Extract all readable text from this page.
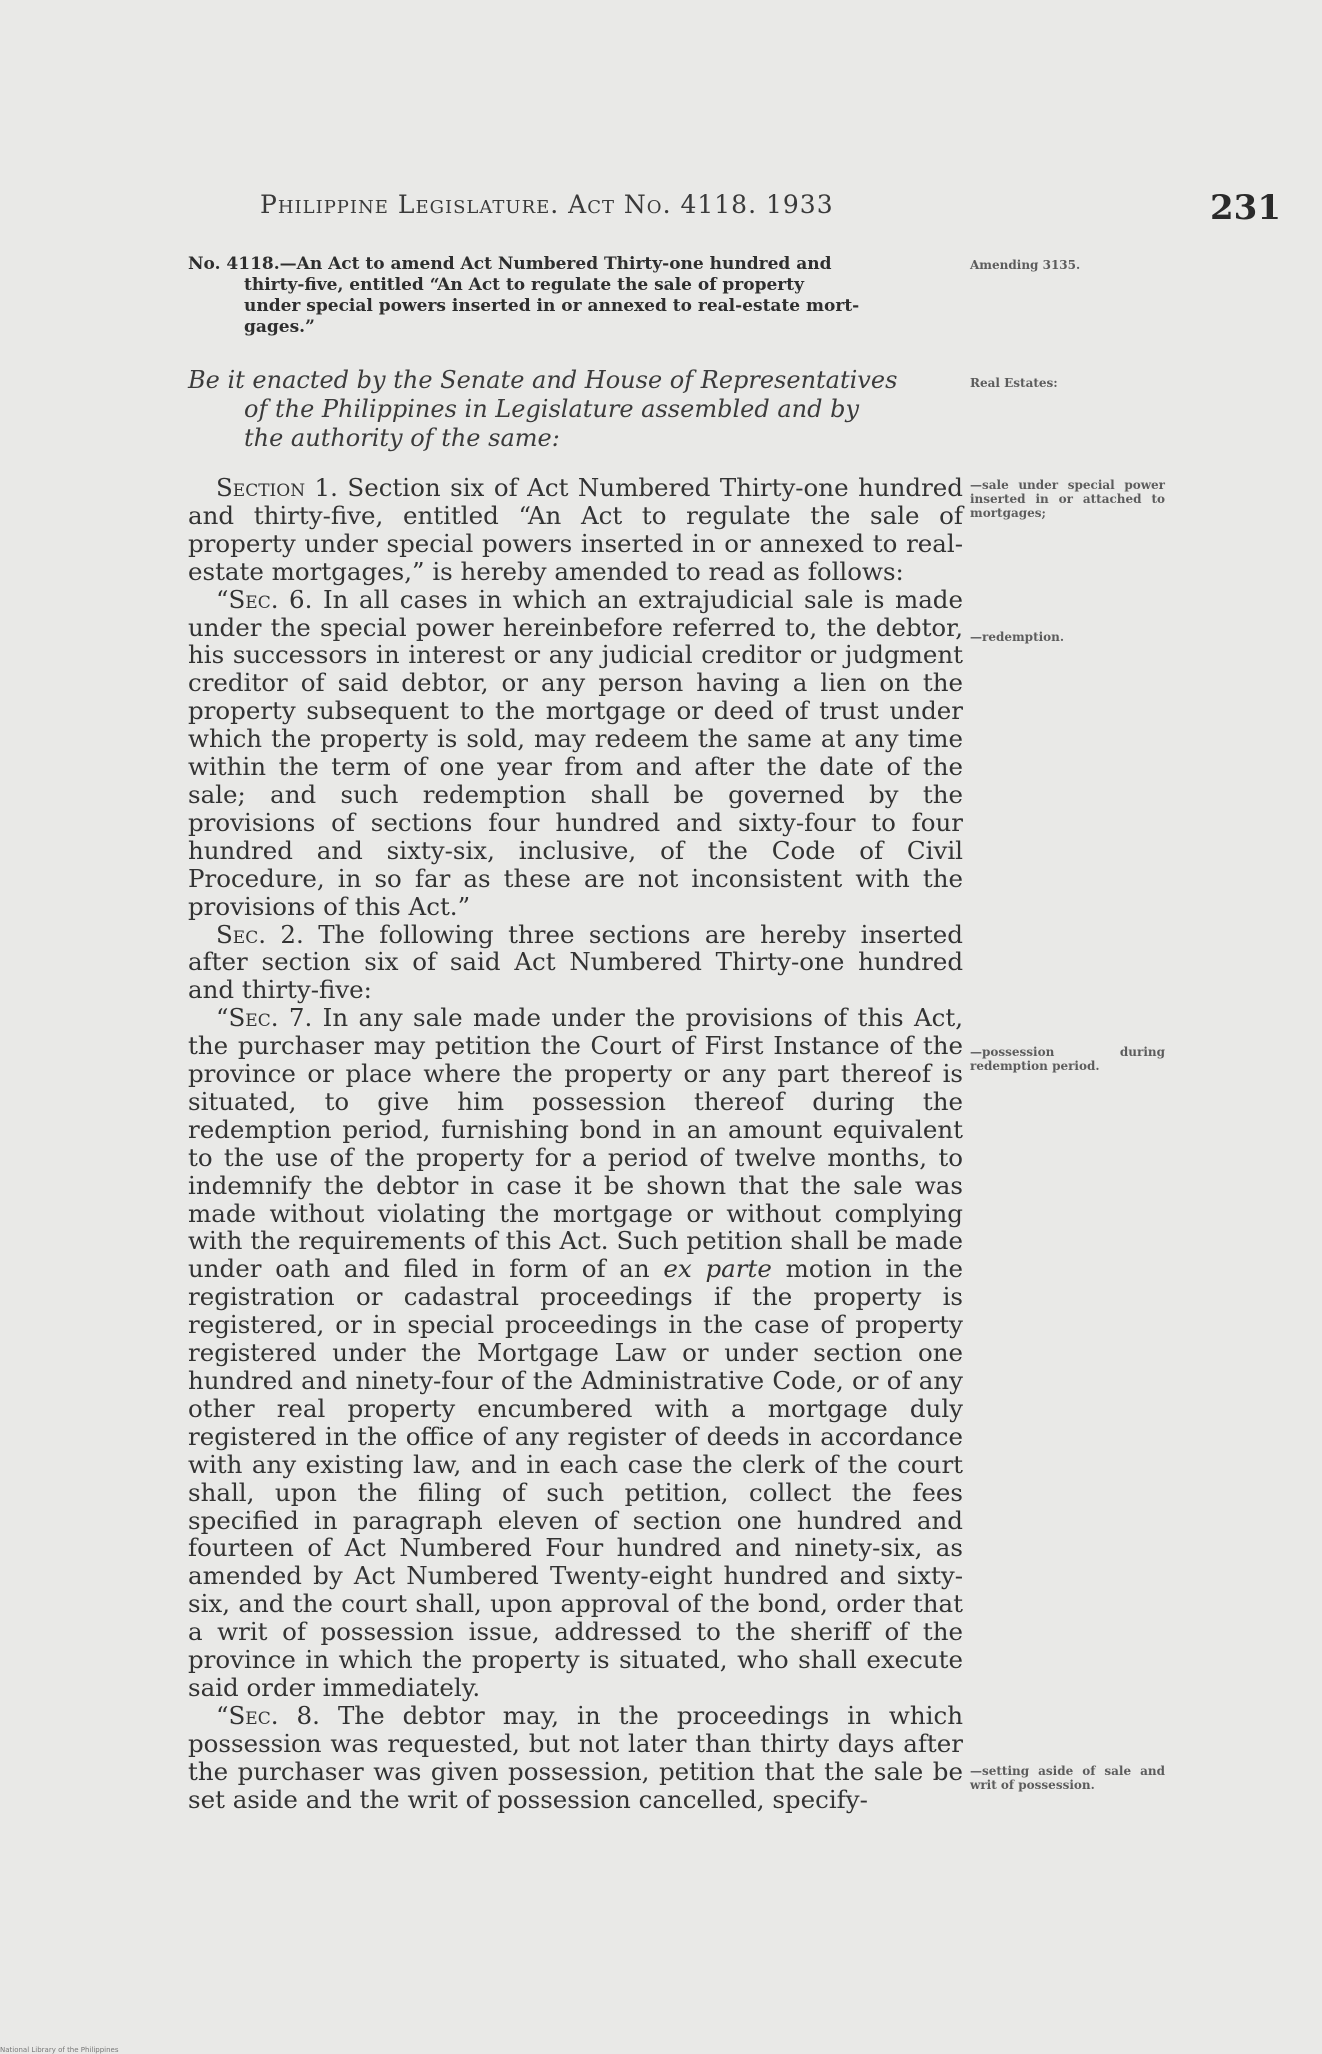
Philippine Legislature. Act No. 4118. 1933	231
No. 4118.—An Act to amend Act Numbered Thirty-one hundred and
thirty-five, entitled “An Act to regulate the sale of property
under special powers inserted in or annexed to real-estate mort-
gages.”
Be it enacted by the Senate and House of Representatives
of the Philippines in Legislature assembled and by
the authority of the same:

Section 1. Section six of Act Numbered Thirty-one hundred and thirty-five, entitled “An Act to regulate the sale of property under special powers inserted in or annexed to real-estate mortgages,” is hereby amended to read as follows:

“Sec. 6. In all cases in which an extrajudicial sale is made under the special power hereinbefore referred to, the debtor, his successors in interest or any judicial creditor or judgment creditor of said debtor, or any person having a lien on the property subsequent to the mortgage or deed of trust under which the property is sold, may redeem the same at any time within the term of one year from and after the date of the sale; and such redemption shall be governed by the provisions of sections four hundred and sixty-four to four hundred and sixty-six, inclusive, of the Code of Civil Procedure, in so far as these are not inconsistent with the provisions of this Act.”

Sec. 2. The following three sections are hereby inserted after section six of said Act Numbered Thirty-one hundred and thirty-five:

“Sec. 7. In any sale made under the provisions of this Act, the purchaser may petition the Court of First Instance of the province or place where the property or any part thereof is situated, to give him possession thereof during the redemption period, furnishing bond in an amount equivalent to the use of the property for a period of twelve months, to indemnify the debtor in case it be shown that the sale was made without violating the mortgage or without complying with the requirements of this Act. Such petition shall be made under oath and filed in form of an ex parte motion in the registration or cadastral proceedings if the property is registered, or in special proceedings in the case of property registered under the Mortgage Law or under section one hundred and ninety-four of the Administrative Code, or of any other real property encumbered with a mortgage duly registered in the office of any register of deeds in accordance with any existing law, and in each case the clerk of the court shall, upon the filing of such petition, collect the fees specified in paragraph eleven of section one hundred and fourteen of Act Numbered Four hundred and ninety-six, as amended by Act Numbered Twenty-eight hundred and sixty-six, and the court shall, upon approval of the bond, order that a writ of possession issue, addressed to the sheriff of the province in which the property is situated, who shall execute said order immediately.

“Sec. 8. The debtor may, in the proceedings in which possession was requested, but not later than thirty days after the purchaser was given possession, petition that the sale be set aside and the writ of possession cancelled, specify-

Amending 3135.
Real Estates:
—sale under special power inserted in or attached to mortgages;
—redemption.
—possession during redemption period.
—setting aside of sale and writ of possession.
National Library of the Philippines
